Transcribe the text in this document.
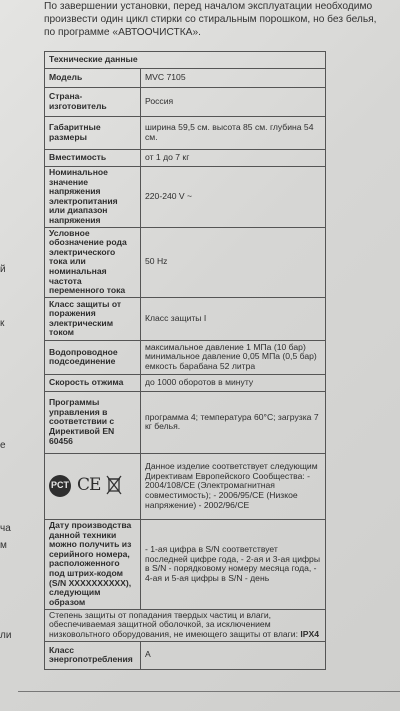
По завершении установки, перед началом эксплуатации необходимо произвести один цикл стирки со стиральным порошком, но без белья, по программе «АВТООЧИСТКА».
й
к
е
ча
м
ли
Технические данные	
Модель	MVC 7105
Страна-изготовитель	Россия
Габаритные размеры	ширина 59,5 см. высота 85 см. глубина 54 см.
Вместимость	от 1 до 7 кг
Номинальное значение напряжения электропитания или диапазон напряжения	220-240 V ~
Условное обозначение рода электрического тока или номинальная частота переменного тока	50 Hz
Класс защиты от поражения электрическим током	Класс защиты I
Водопроводное подсоединение	максимальное давление 1 МПа (10 бар) минимальное давление 0,05 МПа (0,5 бар) емкость барабана 52 литра
Скорость отжима	до 1000 оборотов в минуту
Программы управления в соответствии с Директивой EN 60456	программа 4; температура 60°С; загрузка 7 кг белья.

PCT CE	Данное изделие соответствует следующим Директивам Европейского Сообщества: - 2004/108/CE (Электромагнитная совместимость); - 2006/95/CE (Низкое напряжение) - 2002/96/CE
Дату производства данной техники можно получить из серийного номера, расположенного под штрих-кодом (S/N XXXXXXXXXX), следующим образом	- 1-ая цифра в S/N соответствует последней цифре года, - 2-ая и 3-ая цифры в S/N - порядковому номеру месяца года, - 4-ая и 5-ая цифры в S/N - день
Степень защиты от попадания твердых частиц и влаги, обеспечиваемая защитной оболочкой, за исключением низковольтного оборудования, не имеющего защиты от влаги: IPX4	
Класс энергопотребления	A
